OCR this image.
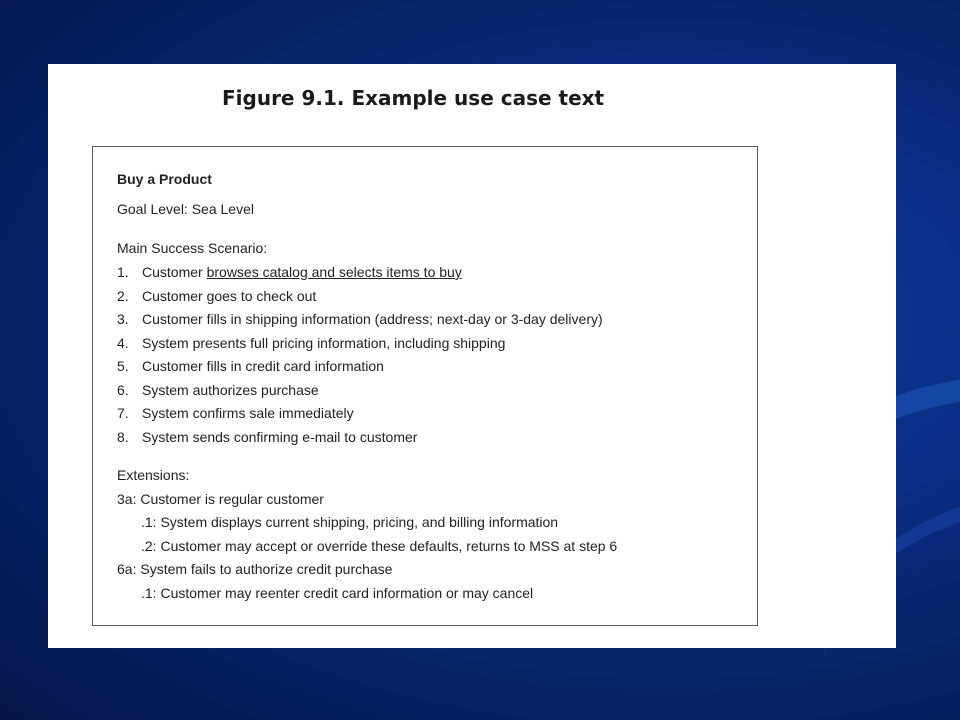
Figure 9.1. Example use case text
Buy a Product
Goal Level: Sea Level
Main Success Scenario:
1. Customer browses catalog and selects items to buy
2. Customer goes to check out
3. Customer fills in shipping information (address; next-day or 3-day delivery)
4. System presents full pricing information, including shipping
5. Customer fills in credit card information
6. System authorizes purchase
7. System confirms sale immediately
8. System sends confirming e-mail to customer
Extensions:
3a: Customer is regular customer
.1: System displays current shipping, pricing, and billing information
.2: Customer may accept or override these defaults, returns to MSS at step 6
6a: System fails to authorize credit purchase
.1: Customer may reenter credit card information or may cancel
